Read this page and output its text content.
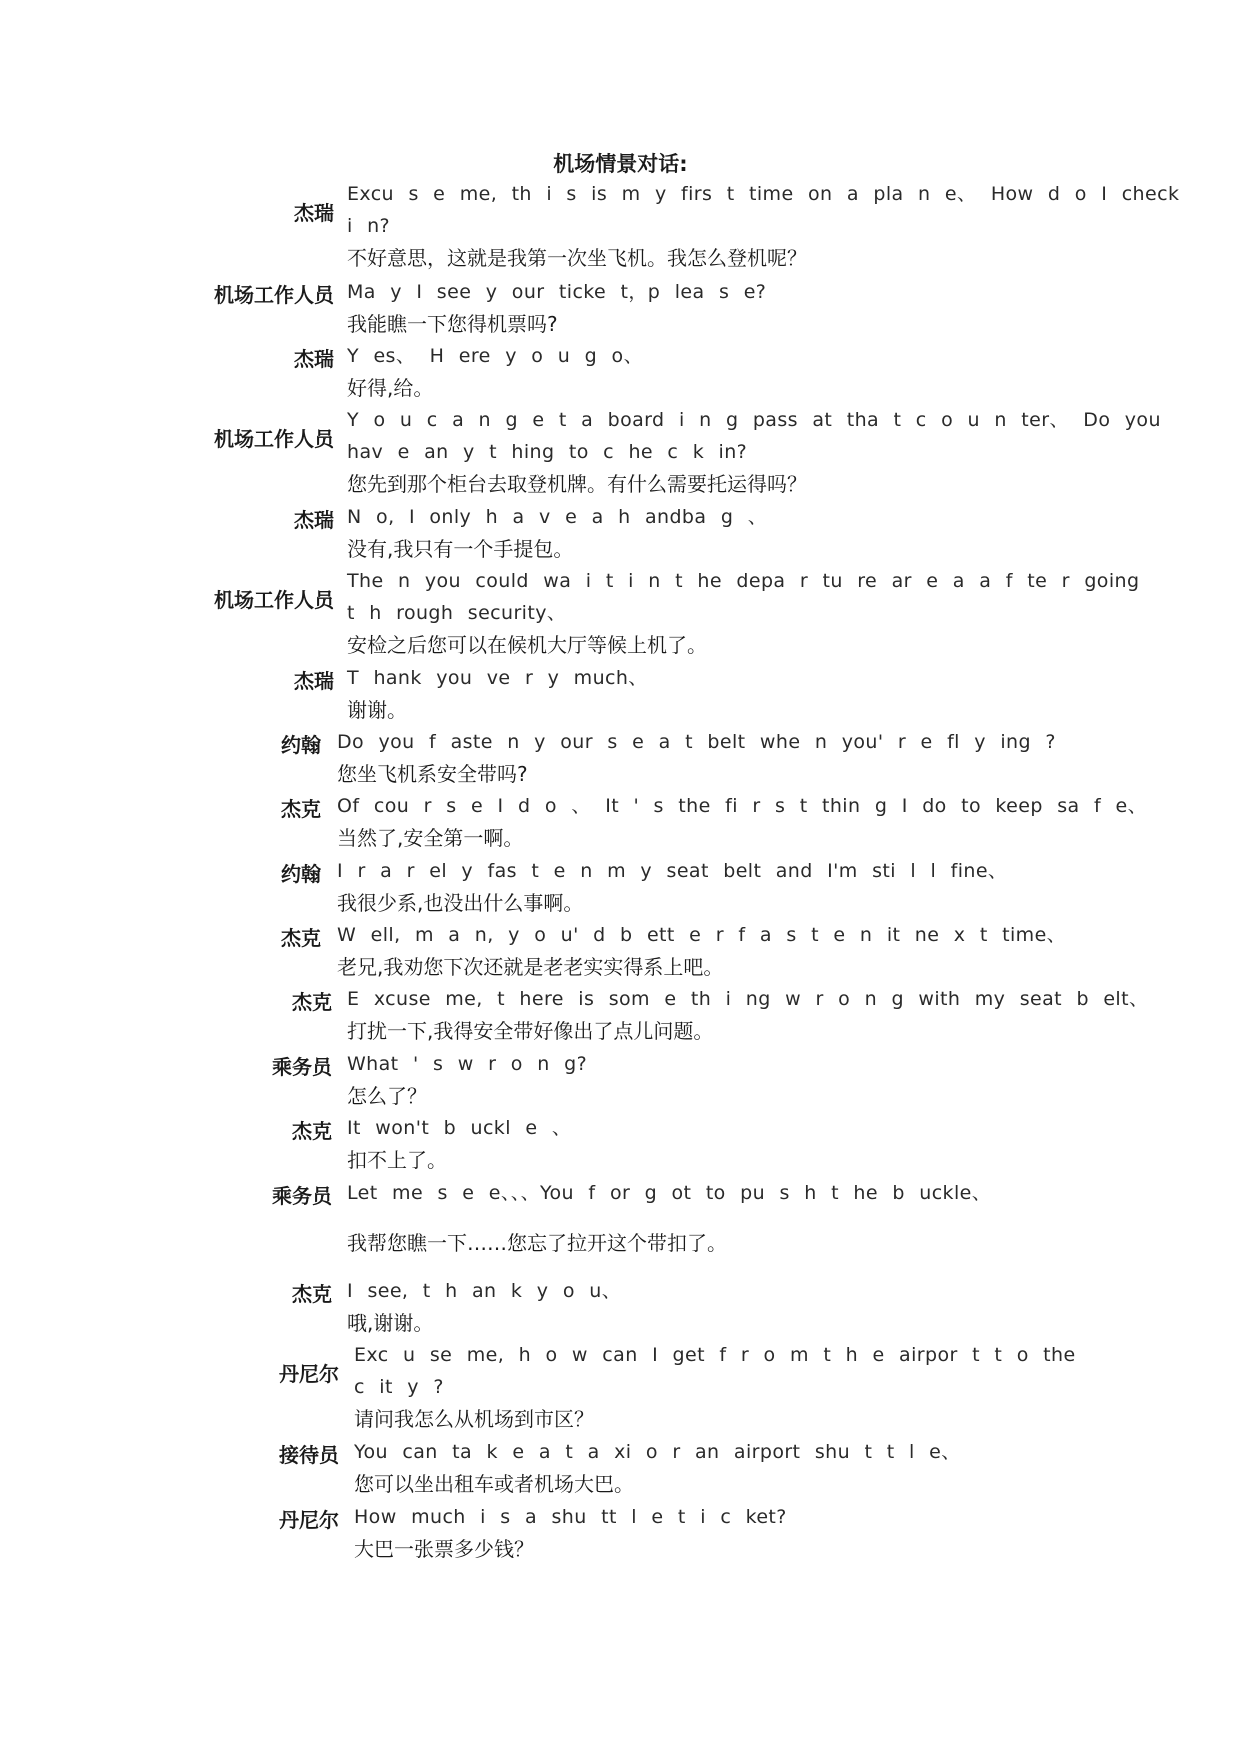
机场情景对话:
杰瑞
Excu s e me, th i s is m y firs t time on a pla n e、 How d o I check
i n?
不好意思，这就是我第一次坐飞机。我怎么登机呢？
机场工作人员 Ma y I see y our ticke t，p lea s e?
我能瞧一下您得机票吗?
杰瑞 Y es、 H ere y o u g o、
好得,给。
机场工作人员
Y o u c a n g e t a board i n g pass at tha t c o u n ter、 Do you
hav e an y t hing to c he c k in?
您先到那个柜台去取登机牌。有什么需要托运得吗？
杰瑞 N o, I only h a v e a h andba g 、
没有,我只有一个手提包。
机场工作人员
The n you could wa i t i n t he depa r tu re ar e a a f te r going
t h rough security、
安检之后您可以在候机大厅等候上机了。
杰瑞 T hank you ve r y much、
谢谢。
约翰 Do you f aste n y our s e a t belt whe n you' r e fl y ing ?
您坐飞机系安全带吗?
杰克 Of cou r s e I d o 、 It ' s the fi r s t thin g I do to keep sa f e、
当然了,安全第一啊。
约翰 I r a r el y fas t e n m y seat belt and I'm sti l l fine、
我很少系,也没出什么事啊。
杰克 W ell, m a n, y o u' d b ett e r f a s t e n it ne x t time、
老兄,我劝您下次还就是老老实实得系上吧。
杰克 E xcuse me, t here is som e th i ng w r o n g with my seat b elt、
打扰一下,我得安全带好像出了点儿问题。
乘务员 What ' s w r o n g?
怎么了？
杰克 It won't b uckl e 、
扣不上了。
乘务员 Let me s e e、、、You f or g ot to pu s h t he b uckle、
我帮您瞧一下……您忘了拉开这个带扣了。
杰克 I see, t h an k y o u、
哦,谢谢。
丹尼尔
Exc u se me, h o w can I get f r o m t h e airpor t t o the
c it y ?
请问我怎么从机场到市区？
接待员 You can ta k e a t a xi o r an airport shu t t l e、
您可以坐出租车或者机场大巴。
丹尼尔 How much i s a shu tt l e t i c ket?
大巴一张票多少钱？
